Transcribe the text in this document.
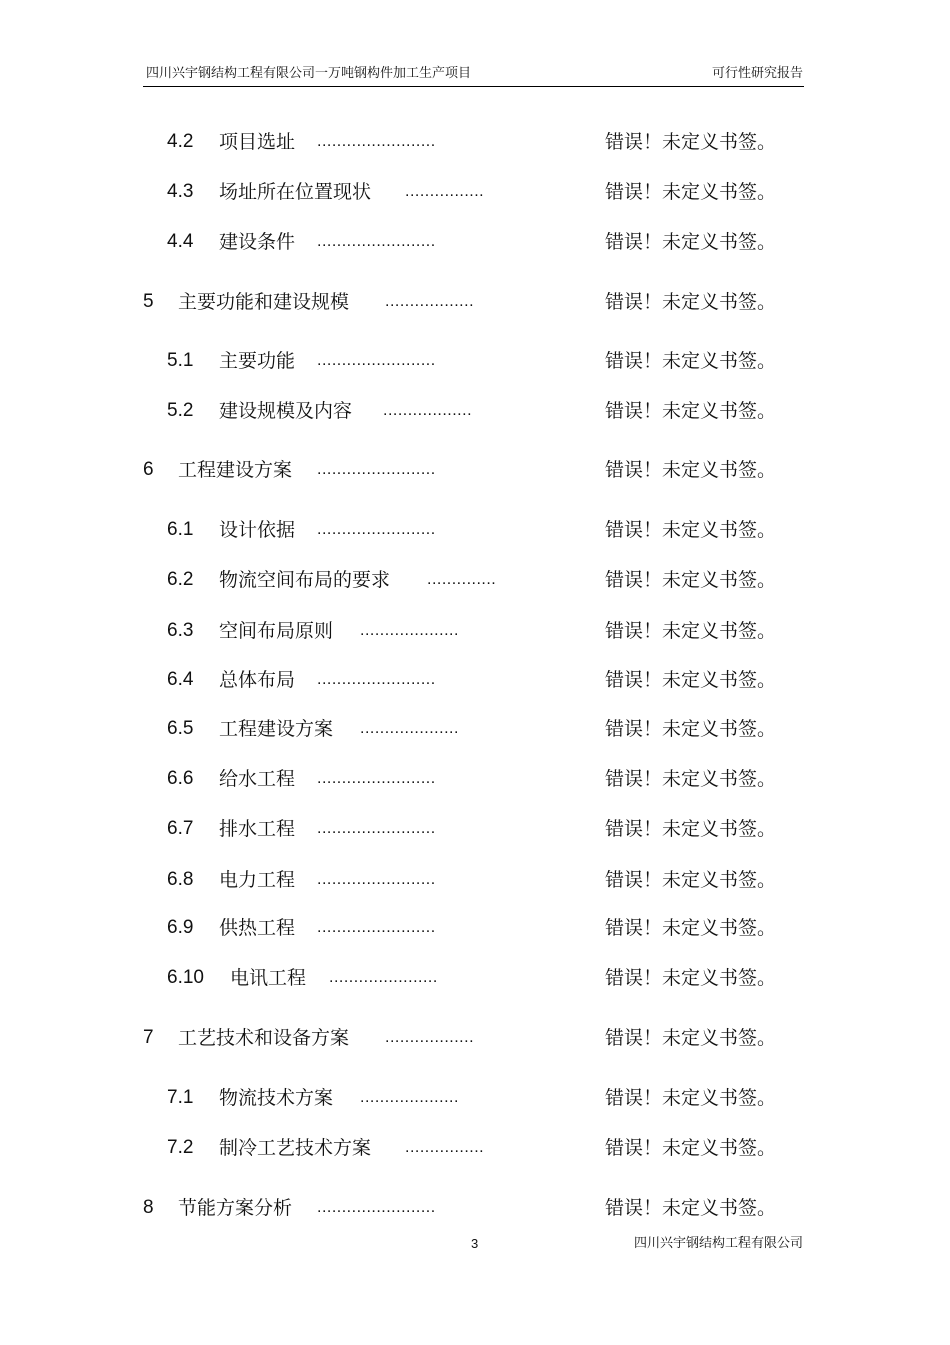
四川兴宇钢结构工程有限公司一万吨钢构件加工生产项目	可行性研究报告
4.2 项目选址 ........................	错误！未定义书签。
4.3 场址所在位置现状 ................	错误！未定义书签。
4.4 建设条件 ........................	错误！未定义书签。
5 主要功能和建设规模 ..................	错误！未定义书签。
5.1 主要功能 ........................	错误！未定义书签。
5.2 建设规模及内容 ..................	错误！未定义书签。
6 工程建设方案 ........................	错误！未定义书签。
6.1 设计依据 ........................	错误！未定义书签。
6.2 物流空间布局的要求 ..............	错误！未定义书签。
6.3 空间布局原则 ....................	错误！未定义书签。
6.4 总体布局 ........................	错误！未定义书签。
6.5 工程建设方案 ....................	错误！未定义书签。
6.6 给水工程 ........................	错误！未定义书签。
6.7 排水工程 ........................	错误！未定义书签。
6.8 电力工程 ........................	错误！未定义书签。
6.9 供热工程 ........................	错误！未定义书签。
6.10 电讯工程 ......................	错误！未定义书签。
7 工艺技术和设备方案 ..................	错误！未定义书签。
7.1 物流技术方案 ....................	错误！未定义书签。
7.2 制冷工艺技术方案 ................	错误！未定义书签。
8 节能方案分析 ........................	错误！未定义书签。
3	四川兴宇钢结构工程有限公司
